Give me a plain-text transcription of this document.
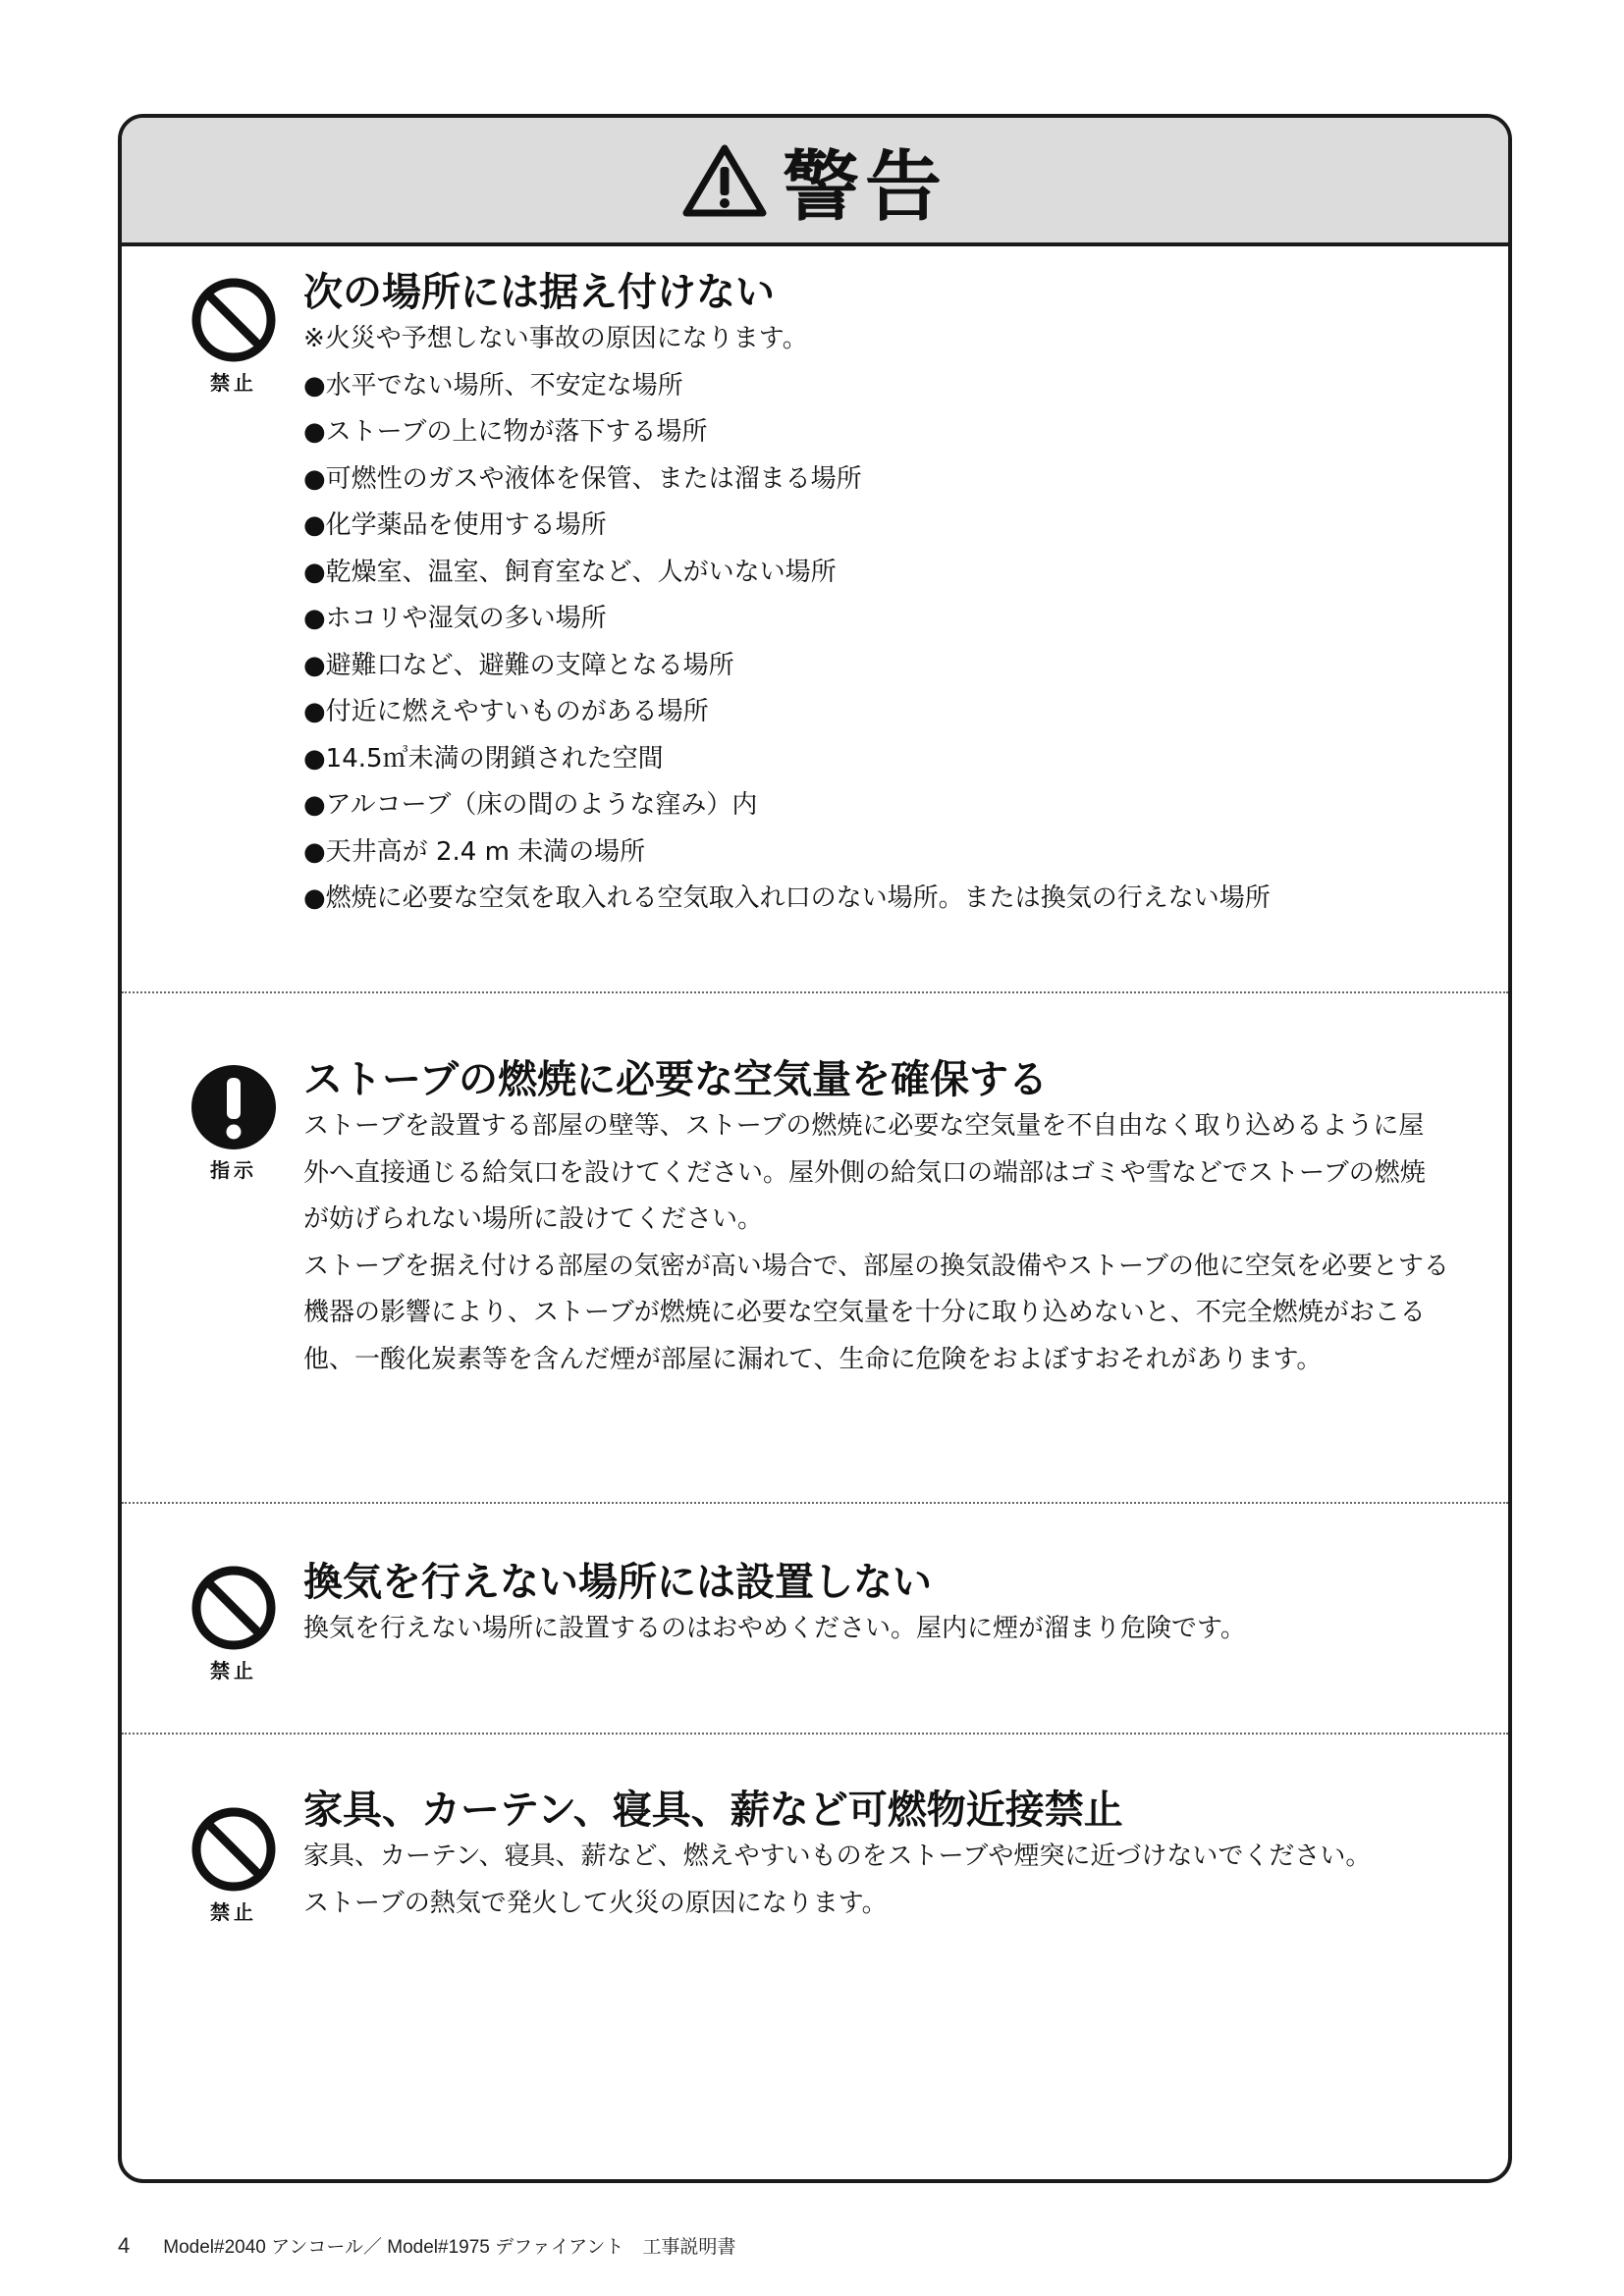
警告
禁止
次の場所には据え付けない
※火災や予想しない事故の原因になります。
●水平でない場所、不安定な場所
●ストーブの上に物が落下する場所
●可燃性のガスや液体を保管、または溜まる場所
●化学薬品を使用する場所
●乾燥室、温室、飼育室など、人がいない場所
●ホコリや湿気の多い場所
●避難口など、避難の支障となる場所
●付近に燃えやすいものがある場所
●14.5㎥未満の閉鎖された空間
●アルコーブ（床の間のような窪み）内
●天井高が 2.4 m 未満の場所
●燃焼に必要な空気を取入れる空気取入れ口のない場所。または換気の行えない場所
指示
ストーブの燃焼に必要な空気量を確保する
ストーブを設置する部屋の壁等、ストーブの燃焼に必要な空気量を不自由なく取り込めるように屋外へ直接通じる給気口を設けてください。屋外側の給気口の端部はゴミや雪などでストーブの燃焼が妨げられない場所に設けてください。
ストーブを据え付ける部屋の気密が高い場合で、部屋の換気設備やストーブの他に空気を必要とする機器の影響により、ストーブが燃焼に必要な空気量を十分に取り込めないと、不完全燃焼がおこる他、一酸化炭素等を含んだ煙が部屋に漏れて、生命に危険をおよぼすおそれがあります。
禁止
換気を行えない場所には設置しない
換気を行えない場所に設置するのはおやめください。屋内に煙が溜まり危険です。
禁止
家具、カーテン、寝具、薪など可燃物近接禁止
家具、カーテン、寝具、薪など、燃えやすいものをストーブや煙突に近づけないでください。
ストーブの熱気で発火して火災の原因になります。
4 Model#2040 アンコール／ Model#1975 デファイアント　工事説明書
